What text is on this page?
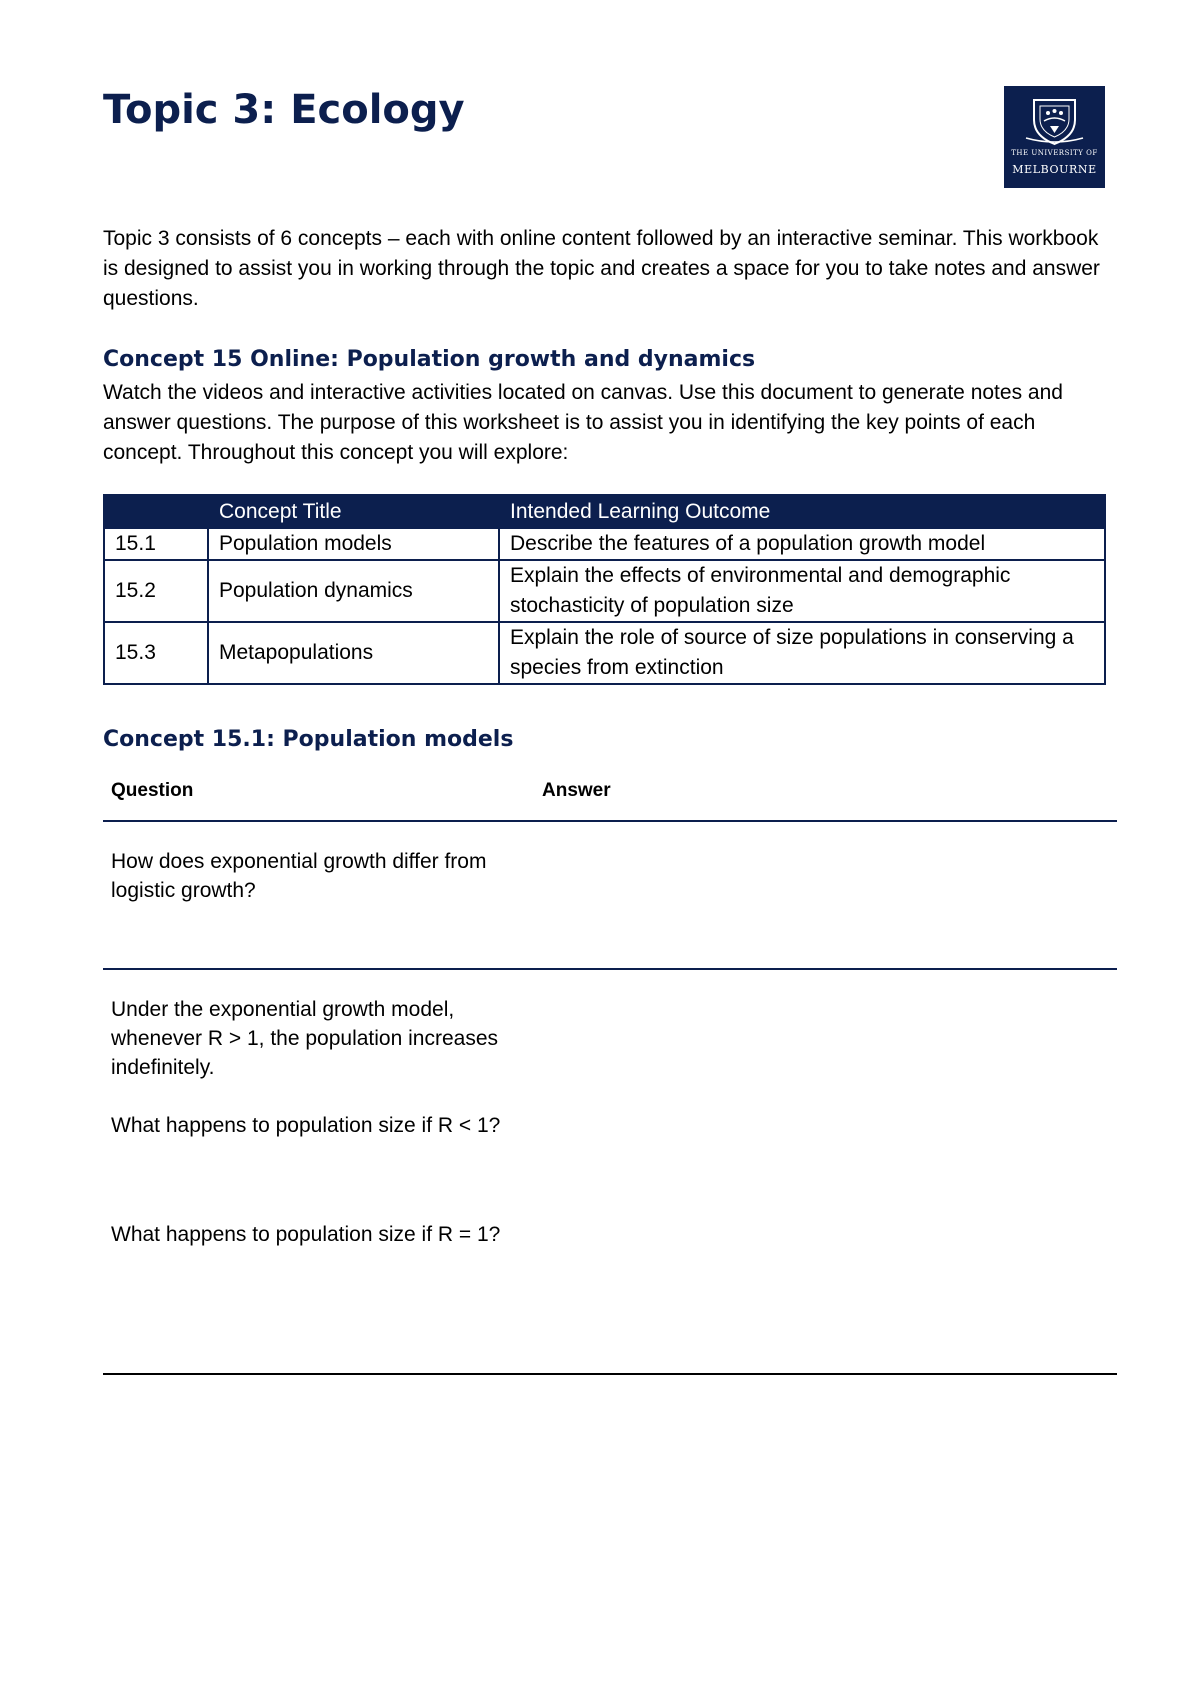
Topic 3: Ecology
THE UNIVERSITY OF
MELBOURNE

Topic 3 consists of 6 concepts – each with online content followed by an interactive seminar. This workbook is designed to assist you in working through the topic and creates a space for you to take notes and answer questions.

Concept 15 Online: Population growth and dynamics

Watch the videos and interactive activities located on canvas. Use this document to generate notes and answer questions. The purpose of this worksheet is to assist you in identifying the key points of each concept. Throughout this concept you will explore:

	Concept Title	Intended Learning Outcome
15.1	Population models	Describe the features of a population growth model
15.2	Population dynamics	Explain the effects of environmental and demographic stochasticity of population size
15.3	Metapopulations	Explain the role of source of size populations in conserving a species from extinction
Concept 15.1: Population models
Question	Answer

How does exponential growth differ from logistic growth?

Under the exponential growth model, whenever R > 1, the population increases indefinitely.

What happens to population size if R < 1?

What happens to population size if R = 1?
